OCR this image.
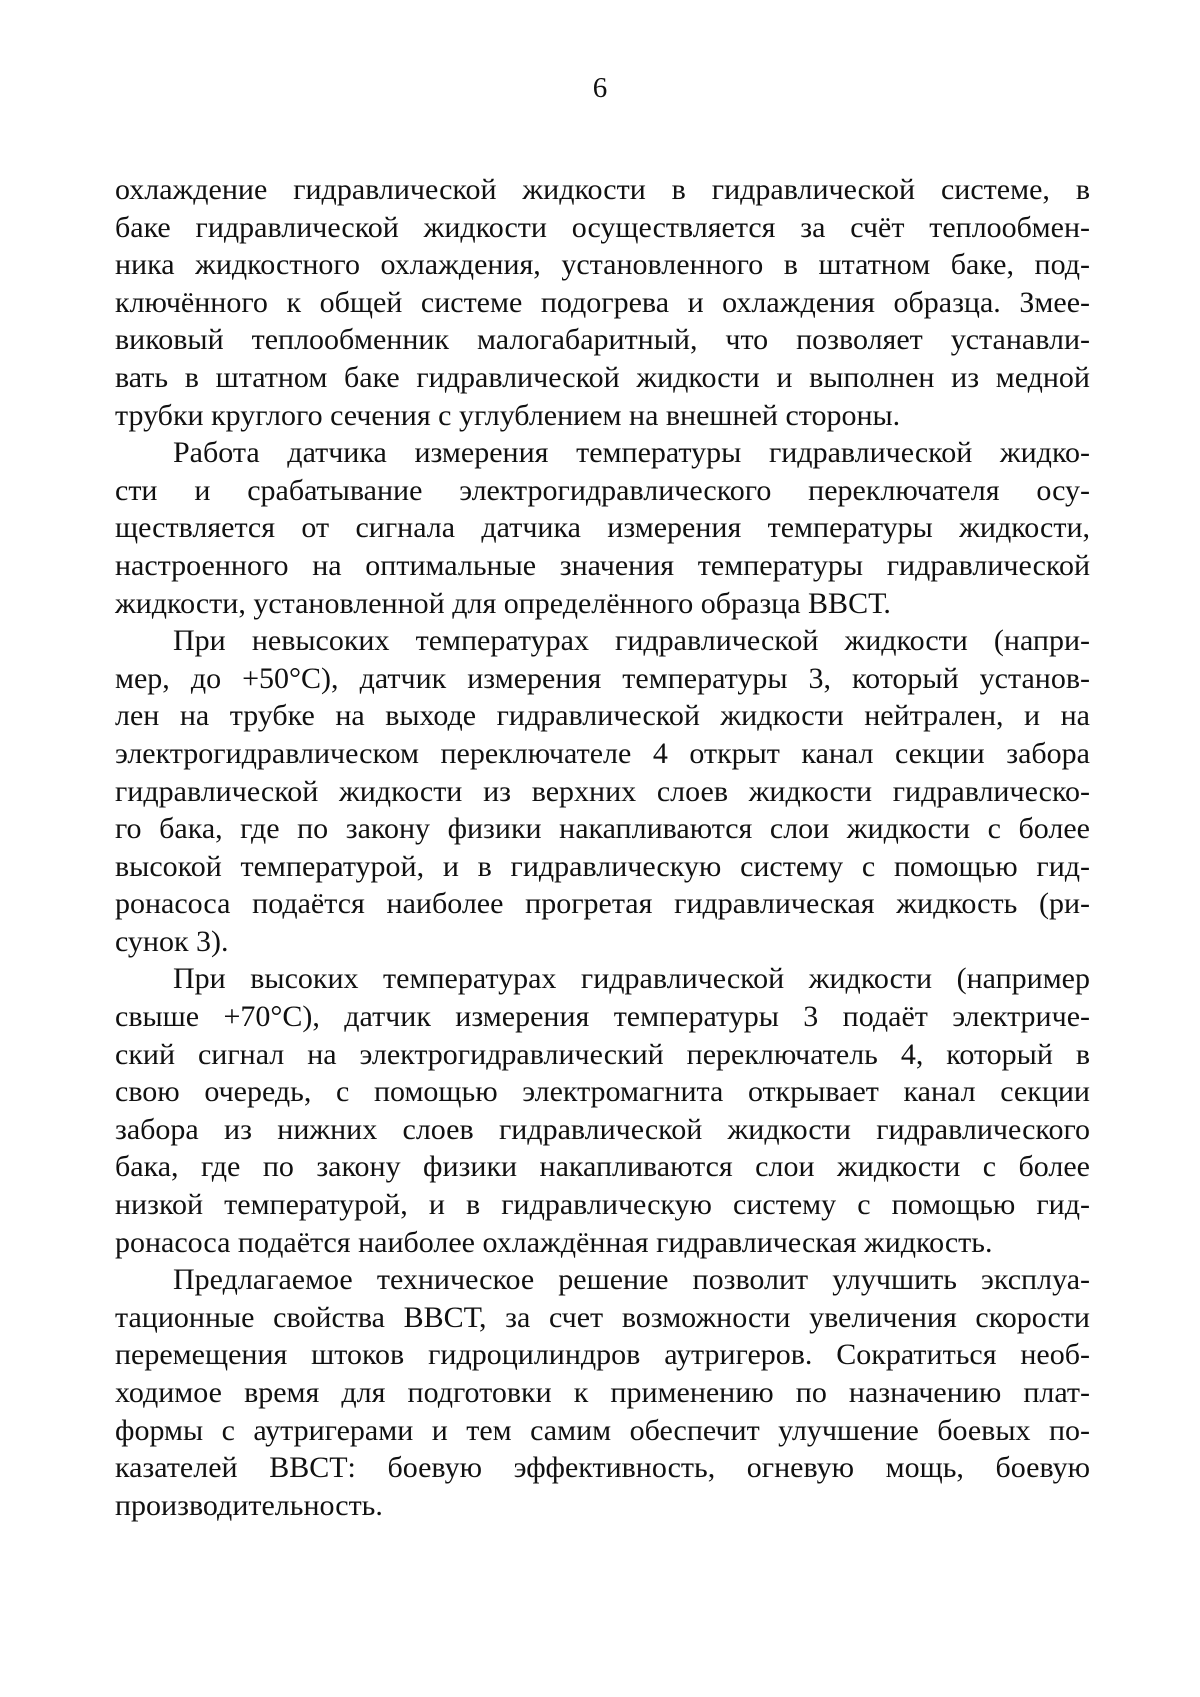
6
охлаждение гидравлической жидкости в гидравлической системе, в
баке гидравлической жидкости осуществляется за счёт теплообмен-
ника жидкостного охлаждения, установленного в штатном баке, под-
ключённого к общей системе подогрева и охлаждения образца. Змее-
виковый теплообменник малогабаритный, что позволяет устанавли-
вать в штатном баке гидравлической жидкости и выполнен из медной
трубки круглого сечения с углублением на внешней стороны.
Работа датчика измерения температуры гидравлической жидко-
сти и срабатывание электрогидравлического переключателя осу-
ществляется от сигнала датчика измерения температуры жидкости,
настроенного на оптимальные значения температуры гидравлической
жидкости, установленной для определённого образца ВВСТ.
При невысоких температурах гидравлической жидкости (напри-
мер, до +50°С), датчик измерения температуры 3, который установ-
лен на трубке на выходе гидравлической жидкости нейтрален, и на
электрогидравлическом переключателе 4 открыт канал секции забора
гидравлической жидкости из верхних слоев жидкости гидравлическо-
го бака, где по закону физики накапливаются слои жидкости с более
высокой температурой, и в гидравлическую систему с помощью гид-
ронасоса подаётся наиболее прогретая гидравлическая жидкость (ри-
сунок 3).
При высоких температурах гидравлической жидкости (например
свыше +70°С), датчик измерения температуры 3 подаёт электриче-
ский сигнал на электрогидравлический переключатель 4, который в
свою очередь, с помощью электромагнита открывает канал секции
забора из нижних слоев гидравлической жидкости гидравлического
бака, где по закону физики накапливаются слои жидкости с более
низкой температурой, и в гидравлическую систему с помощью гид-
ронасоса подаётся наиболее охлаждённая гидравлическая жидкость.
Предлагаемое техническое решение позволит улучшить эксплуа-
тационные свойства ВВСТ, за счет возможности увеличения скорости
перемещения штоков гидроцилиндров аутригеров. Сократиться необ-
ходимое время для подготовки к применению по назначению плат-
формы с аутригерами и тем самим обеспечит улучшение боевых по-
казателей ВВСТ: боевую эффективность, огневую мощь, боевую
производительность.
